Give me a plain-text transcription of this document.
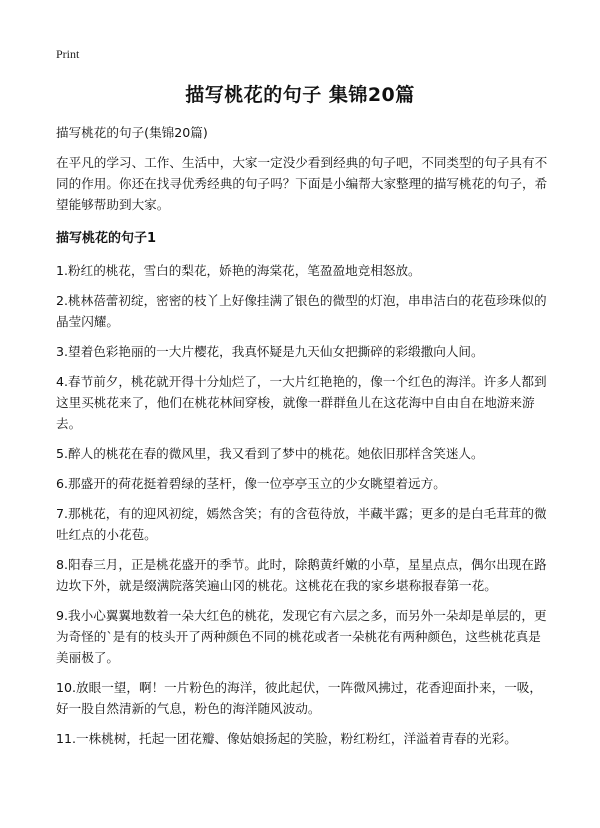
Print
描写桃花的句子 集锦20篇

描写桃花的句子(集锦20篇)

在平凡的学习、工作、生活中，大家一定没少看到经典的句子吧，不同类型的句子具有不同的作用。你还在找寻优秀经典的句子吗？下面是小编帮大家整理的描写桃花的句子，希望能够帮助到大家。

描写桃花的句子1

1.粉红的桃花，雪白的梨花，娇艳的海棠花，笔盈盈地竞相怒放。
2.桃林蓓蕾初绽，密密的枝丫上好像挂满了银色的微型的灯泡，串串洁白的花苞珍珠似的晶莹闪耀。
3.望着色彩艳丽的一大片樱花，我真怀疑是九天仙女把撕碎的彩缎撒向人间。
4.春节前夕，桃花就开得十分灿烂了，一大片红艳艳的，像一个红色的海洋。许多人都到这里买桃花来了，他们在桃花林间穿梭，就像一群群鱼儿在这花海中自由自在地游来游去。
5.醉人的桃花在春的微风里，我又看到了梦中的桃花。她依旧那样含笑迷人。
6.那盛开的荷花挺着碧绿的茎杆，像一位亭亭玉立的少女眺望着远方。
7.那桃花，有的迎风初绽，嫣然含笑；有的含苞待放，半藏半露；更多的是白毛茸茸的微吐红点的小花苞。
8.阳春三月，正是桃花盛开的季节。此时，除鹅黄纤嫩的小草，星星点点，偶尔出现在路边坎下外，就是缀满院落笑遍山冈的桃花。这桃花在我的家乡堪称报春第一花。
9.我小心翼翼地数着一朵大红色的桃花，发现它有六层之多，而另外一朵却是单层的，更为奇怪的`是有的枝头开了两种颜色不同的桃花或者一朵桃花有两种颜色，这些桃花真是美丽极了。
10.放眼一望，啊！一片粉色的海洋，彼此起伏，一阵微风拂过，花香迎面扑来，一吸，好一股自然清新的气息，粉色的海洋随风波动。
11.一株桃树，托起一团花瓣、像姑娘扬起的笑脸，粉红粉红，洋溢着青春的光彩。
